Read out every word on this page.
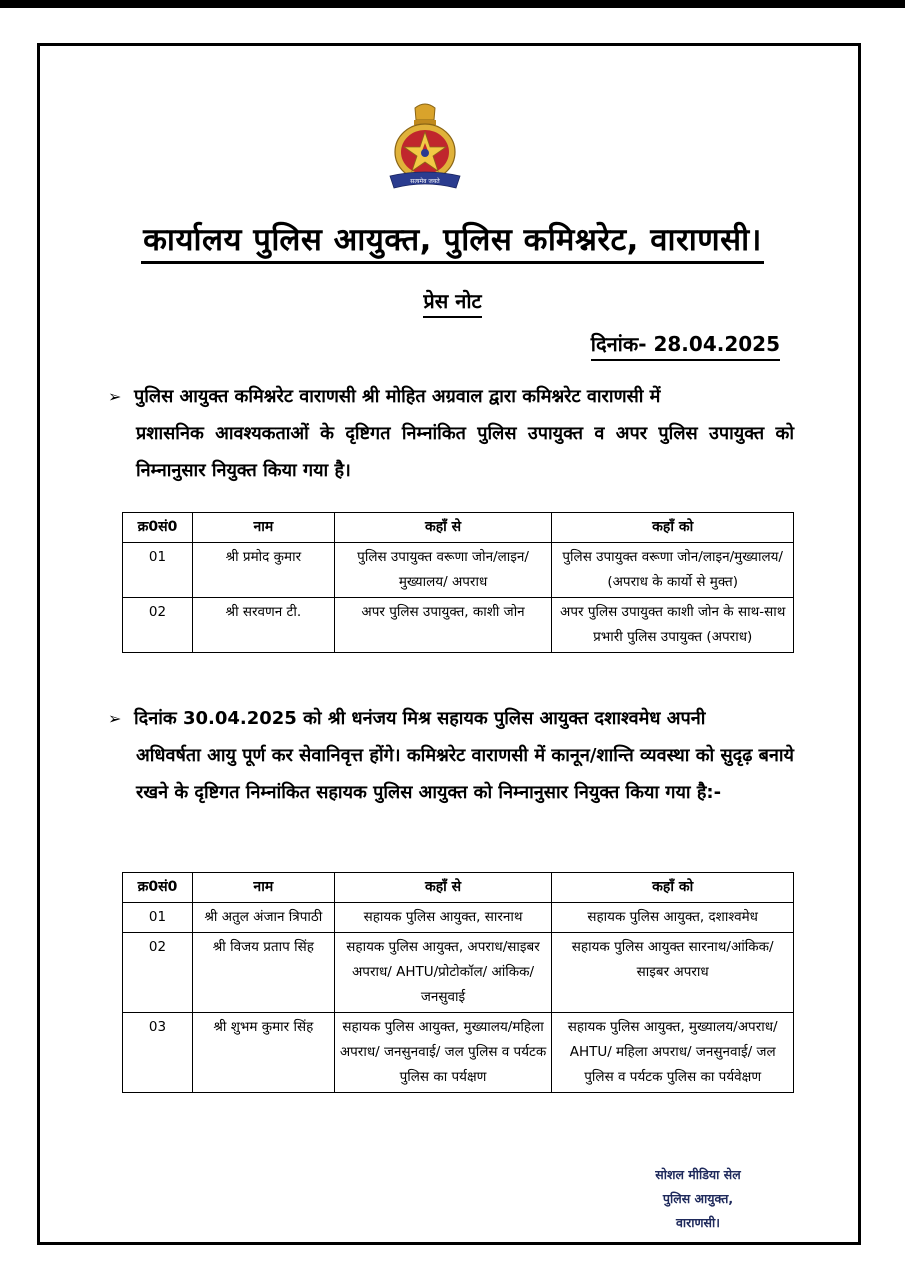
सत्यमेव जयते
कार्यालय पुलिस आयुक्त, पुलिस कमिश्नरेट, वाराणसी।
प्रेस नोट
दिनांक- 28.04.2025
➢ पुलिस आयुक्त कमिश्नरेट वाराणसी श्री मोहित अग्रवाल द्वारा कमिश्नरेट वाराणसी में
प्रशासनिक आवश्यकताओं के दृष्टिगत निम्नांकित पुलिस उपायुक्त व अपर पुलिस उपायुक्त को निम्नानुसार नियुक्त किया गया है।
क्र0सं0	नाम	कहाँ से	कहाँ को
01	श्री प्रमोद कुमार	पुलिस उपायुक्त वरूणा जोन/लाइन/मुख्यालय/ अपराध	पुलिस उपायुक्त वरूणा जोन/लाइन/मुख्यालय/ (अपराध के कार्यो से मुक्त)
02	श्री सरवणन टी.	अपर पुलिस उपायुक्त, काशी जोन	अपर पुलिस उपायुक्त काशी जोन के साथ-साथ प्रभारी पुलिस उपायुक्त (अपराध)
➢ दिनांक 30.04.2025 को श्री धनंजय मिश्र सहायक पुलिस आयुक्त दशाश्वमेध अपनी
अधिवर्षता आयु पूर्ण कर सेवानिवृत्त होंगे। कमिश्नरेट वाराणसी में कानून/शान्ति व्यवस्था को सुदृढ़ बनाये रखने के दृष्टिगत निम्नांकित सहायक पुलिस आयुक्त को निम्नानुसार नियुक्त किया गया है:-
क्र0सं0	नाम	कहाँ से	कहाँ को
01	श्री अतुल अंजान त्रिपाठी	सहायक पुलिस आयुक्त, सारनाथ	सहायक पुलिस आयुक्त, दशाश्वमेध
02	श्री विजय प्रताप सिंह	सहायक पुलिस आयुक्त, अपराध/साइबर अपराध/ AHTU/प्रोटोकॉल/ आंकिक/जनसुवाई	सहायक पुलिस आयुक्त सारनाथ/आंकिक/ साइबर अपराध
03	श्री शुभम कुमार सिंह	सहायक पुलिस आयुक्त, मुख्यालय/महिला अपराध/ जनसुनवाई/ जल पुलिस व पर्यटक पुलिस का पर्यक्षण	सहायक पुलिस आयुक्त, मुख्यालय/अपराध/ AHTU/ महिला अपराध/ जनसुनवाई/ जल पुलिस व पर्यटक पुलिस का पर्यवेक्षण
सोशल मीडिया सेल
पुलिस आयुक्त,
वाराणसी।
